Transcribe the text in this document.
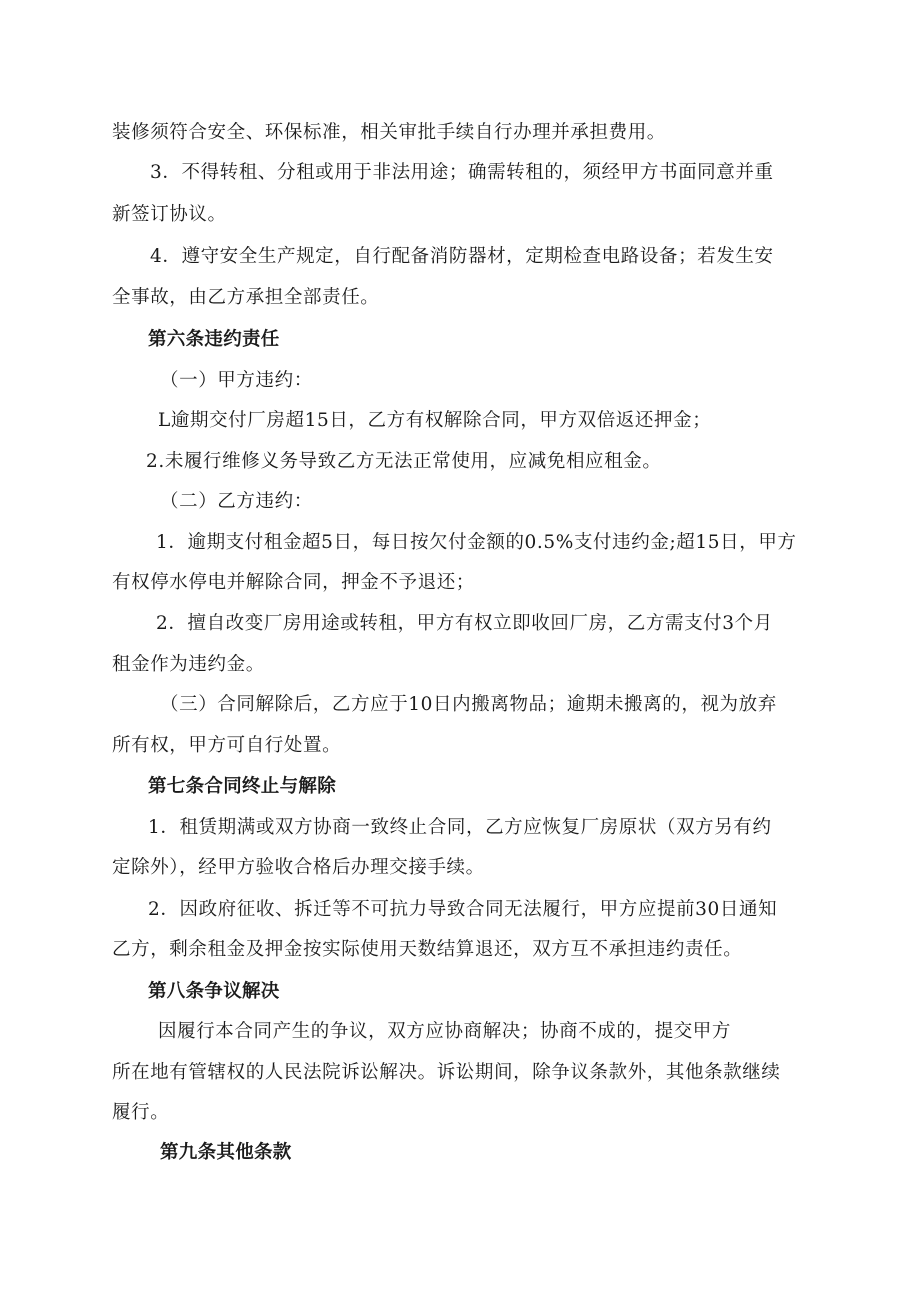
装修须符合安全、环保标准，相关审批手续自行办理并承担费用。
3．不得转租、分租或用于非法用途；确需转租的，须经甲方书面同意并重
新签订协议。
4．遵守安全生产规定，自行配备消防器材，定期检查电路设备；若发生安
全事故，由乙方承担全部责任。
第六条违约责任
（一）甲方违约：
L逾期交付厂房超15日，乙方有权解除合同，甲方双倍返还押金；
2.未履行维修义务导致乙方无法正常使用，应减免相应租金。
（二）乙方违约：
1．逾期支付租金超5日，每日按欠付金额的0.5%支付违约金;超15日，甲方
有权停水停电并解除合同，押金不予退还；
2．擅自改变厂房用途或转租，甲方有权立即收回厂房，乙方需支付3个月
租金作为违约金。
（三）合同解除后，乙方应于10日内搬离物品；逾期未搬离的，视为放弃
所有权，甲方可自行处置。
第七条合同终止与解除
1．租赁期满或双方协商一致终止合同，乙方应恢复厂房原状（双方另有约
定除外），经甲方验收合格后办理交接手续。
2．因政府征收、拆迁等不可抗力导致合同无法履行，甲方应提前30日通知
乙方，剩余租金及押金按实际使用天数结算退还，双方互不承担违约责任。
第八条争议解决
因履行本合同产生的争议，双方应协商解决；协商不成的，提交甲方
所在地有管辖权的人民法院诉讼解决。诉讼期间，除争议条款外，其他条款继续
履行。
第九条其他条款
